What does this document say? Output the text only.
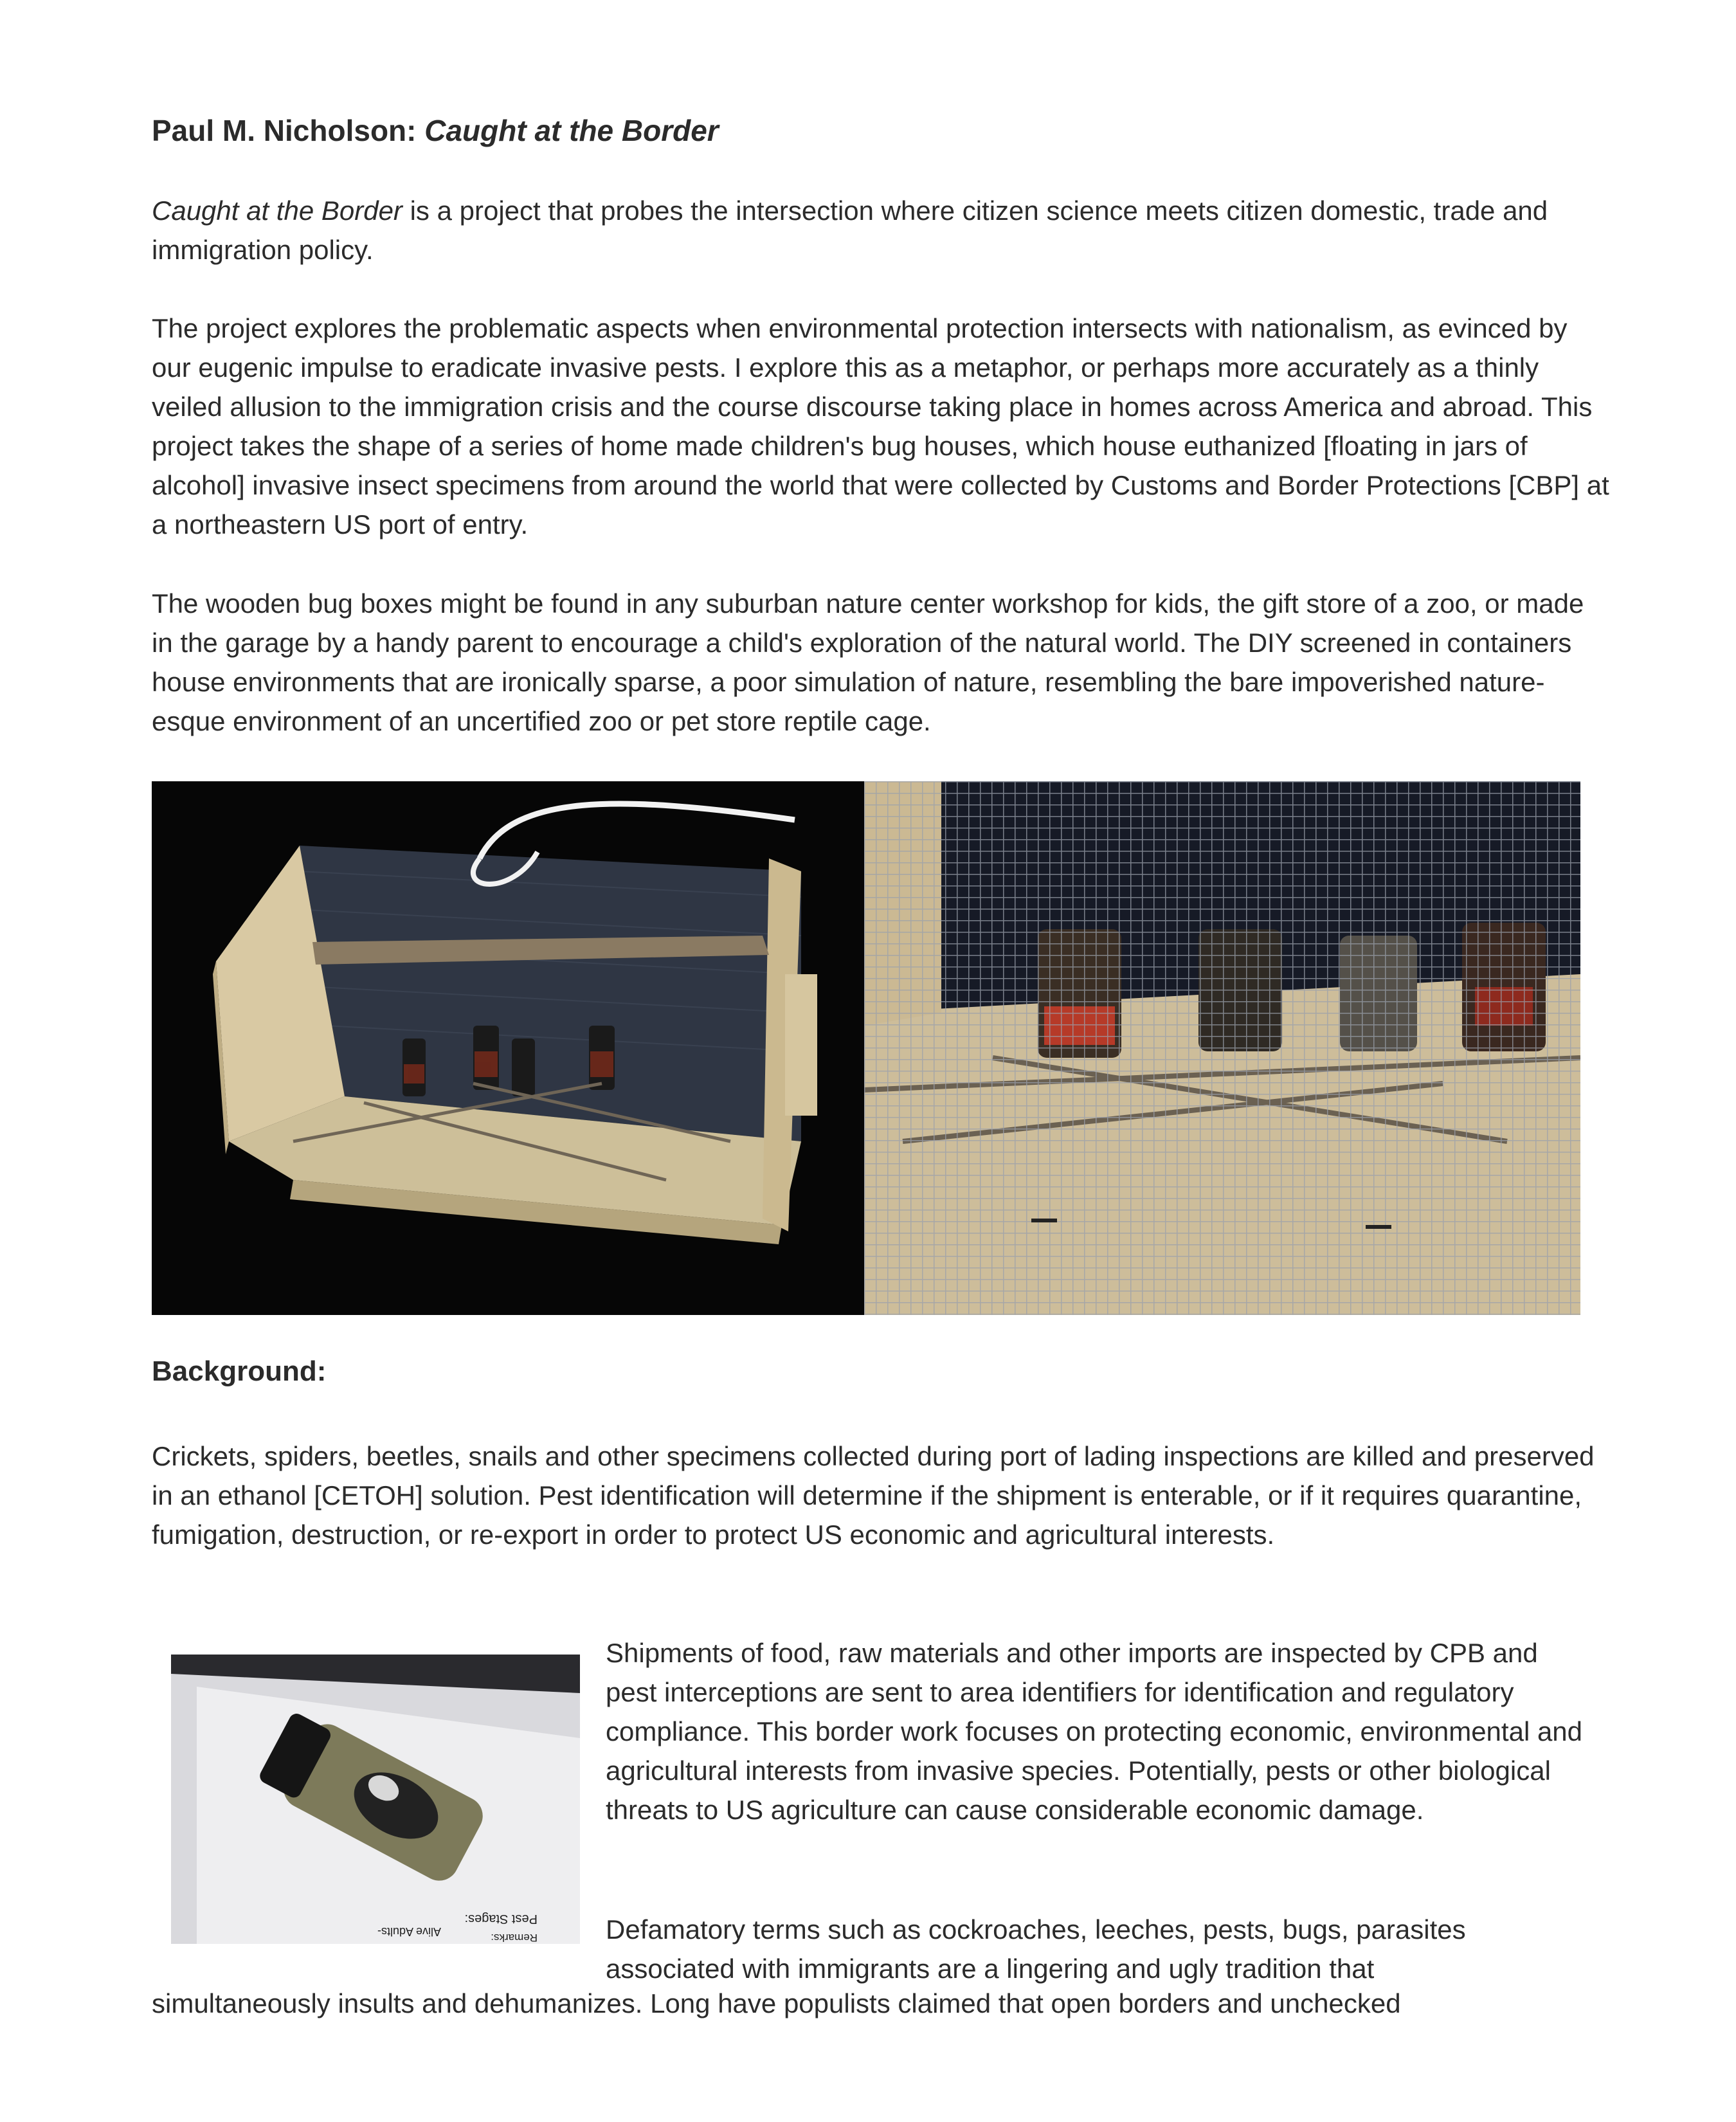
Paul M. Nicholson: Caught at the Border

Caught at the Border is a project that probes the intersection where citizen science meets citizen domestic, trade and immigration policy.

The project explores the problematic aspects when environmental protection intersects with nationalism, as evinced by our eugenic impulse to eradicate invasive pests. I explore this as a metaphor, or perhaps more accurately as a thinly veiled allusion to the immigration crisis and the course discourse taking place in homes across America and abroad. This project takes the shape of a series of home made children's bug houses, which house euthanized [floating in jars of alcohol] invasive insect specimens from around the world that were collected by Customs and Border Protections [CBP] at a northeastern US port of entry.

The wooden bug boxes might be found in any suburban nature center workshop for kids, the gift store of a zoo, or made in the garage by a handy parent to encourage a child's exploration of the natural world. The DIY screened in containers house environments that are ironically sparse, a poor simulation of nature, resembling the bare impoverished nature-esque environment of an uncertified zoo or pet store reptile cage.

Background:

Crickets, spiders, beetles, snails and other specimens collected during port of lading inspections are killed and preserved in an ethanol [CETOH] solution. Pest identification will determine if the shipment is enterable, or if it requires quarantine, fumigation, destruction, or re-export in order to protect US economic and agricultural interests.

Pest Stages:
Remarks:
Alive Adults-

Shipments of food, raw materials and other imports are inspected by CPB and pest interceptions are sent to area identifiers for identification and regulatory compliance. This border work focuses on protecting economic, environmental and agricultural interests from invasive species. Potentially, pests or other biological threats to US agriculture can cause considerable economic damage.

Defamatory terms such as cockroaches, leeches, pests, bugs, parasites associated with immigrants are a lingering and ugly tradition that

simultaneously insults and dehumanizes. Long have populists claimed that open borders and unchecked
